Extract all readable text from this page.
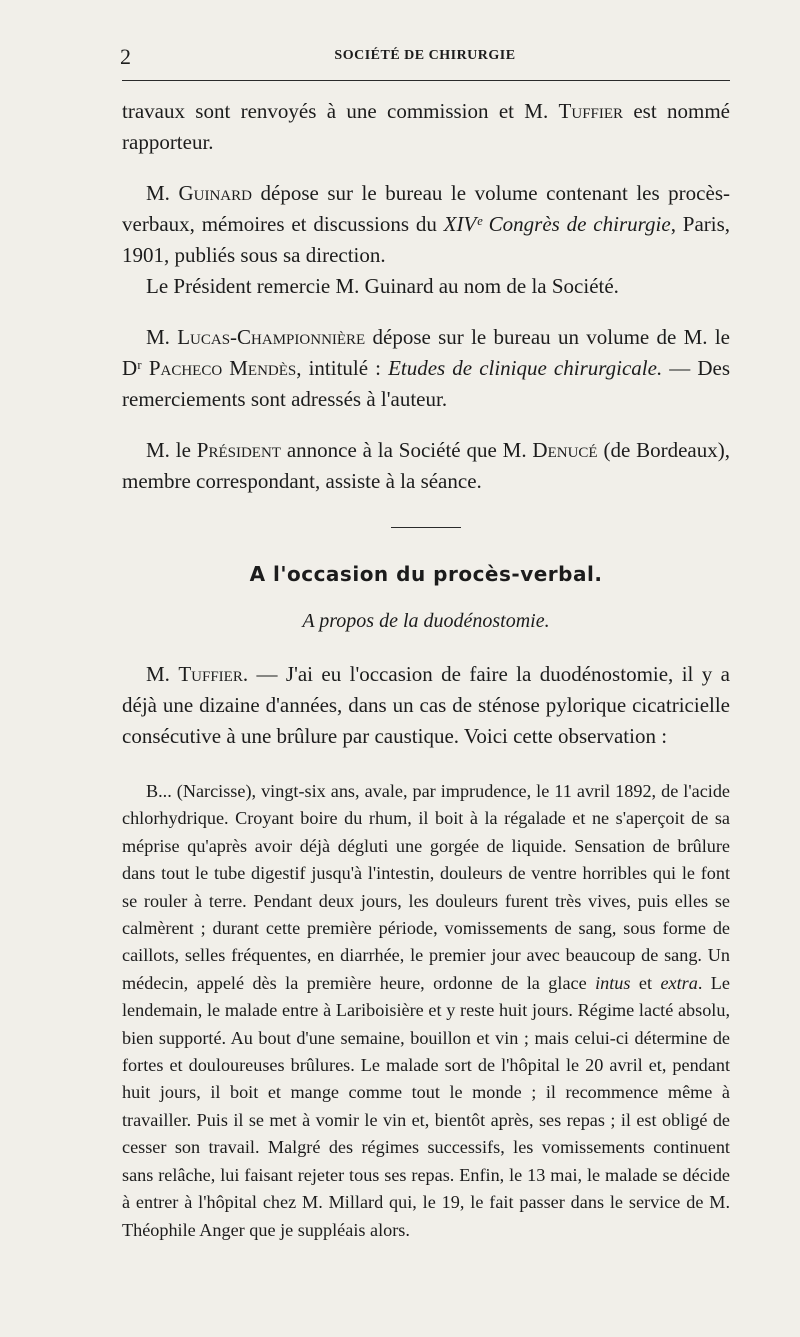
2	SOCIÉTÉ DE CHIRURGIE

travaux sont renvoyés à une commission et M. Tuffier est nommé rapporteur.

M. Guinard dépose sur le bureau le volume contenant les procès-verbaux, mémoires et discussions du XIVᵉ Congrès de chirurgie, Paris, 1901, publiés sous sa direction.

Le Président remercie M. Guinard au nom de la Société.

M. Lucas-Championnière dépose sur le bureau un volume de M. le Dʳ Pacheco Mendès, intitulé : Etudes de clinique chirurgicale. — Des remerciements sont adressés à l'auteur.

M. le Président annonce à la Société que M. Denucé (de Bordeaux), membre correspondant, assiste à la séance.

A l'occasion du procès-verbal.
A propos de la duodénostomie.

M. Tuffier. — J'ai eu l'occasion de faire la duodénostomie, il y a déjà une dizaine d'années, dans un cas de sténose pylorique cicatricielle consécutive à une brûlure par caustique. Voici cette observation :

B... (Narcisse), vingt-six ans, avale, par imprudence, le 11 avril 1892, de l'acide chlorhydrique. Croyant boire du rhum, il boit à la régalade et ne s'aperçoit de sa méprise qu'après avoir déjà dégluti une gorgée de liquide. Sensation de brûlure dans tout le tube digestif jusqu'à l'intestin, douleurs de ventre horribles qui le font se rouler à terre. Pendant deux jours, les douleurs furent très vives, puis elles se calmèrent ; durant cette première période, vomissements de sang, sous forme de caillots, selles fréquentes, en diarrhée, le premier jour avec beaucoup de sang. Un médecin, appelé dès la première heure, ordonne de la glace intus et extra. Le lendemain, le malade entre à Lariboisière et y reste huit jours. Régime lacté absolu, bien supporté. Au bout d'une semaine, bouillon et vin ; mais celui-ci détermine de fortes et douloureuses brûlures. Le malade sort de l'hôpital le 20 avril et, pendant huit jours, il boit et mange comme tout le monde ; il recommence même à travailler. Puis il se met à vomir le vin et, bientôt après, ses repas ; il est obligé de cesser son travail. Malgré des régimes successifs, les vomissements continuent sans relâche, lui faisant rejeter tous ses repas. Enfin, le 13 mai, le malade se décide à entrer à l'hôpital chez M. Millard qui, le 19, le fait passer dans le service de M. Théophile Anger que je suppléais alors.
